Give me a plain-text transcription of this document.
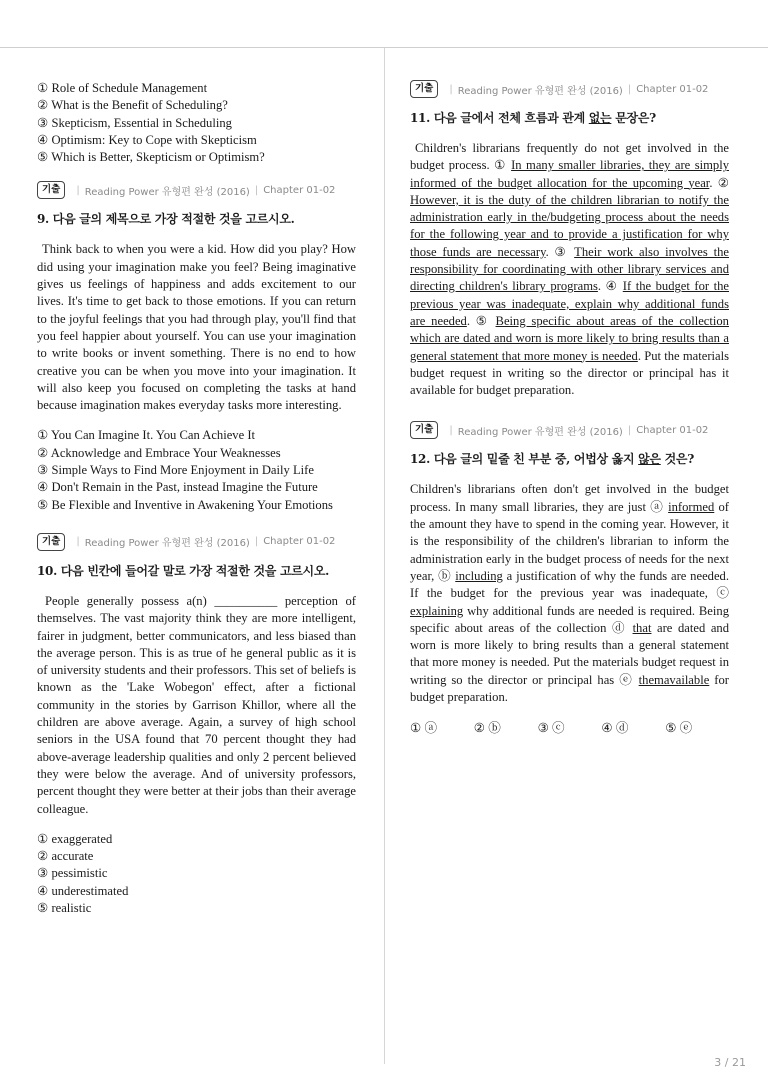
① Role of Schedule Management
② What is the Benefit of Scheduling?
③ Skepticism, Essential in Scheduling
④ Optimism: Key to Cope with Skepticism
⑤ Which is Better, Skepticism or Optimism?
기출	| Reading Power 유형편 완성 (2016) | Chapter 01-02
9. 다음 글의 제목으로 가장 적절한 것을 고르시오.
Think back to when you were a kid. How did you play? How did using your imagination make you feel? Being imaginative gives us feelings of happiness and adds excitement to our lives. It's time to get back to those emotions. If you can return to the joyful feelings that you had through play, you'll find that you feel happier about yourself. You can use your imagination to write books or invent something. There is no end to how creative you can be when you move into your imagination. It will also keep you focused on completing the tasks at hand because imagination makes everyday tasks more interesting.
① You Can Imagine It. You Can Achieve It
② Acknowledge and Embrace Your Weaknesses
③ Simple Ways to Find More Enjoyment in Daily Life
④ Don't Remain in the Past, instead Imagine the Future
⑤ Be Flexible and Inventive in Awakening Your Emotions
기출	| Reading Power 유형편 완성 (2016) | Chapter 01-02
10. 다음 빈칸에 들어갈 말로 가장 적절한 것을 고르시오.
People generally possess a(n) __________ perception of themselves. The vast majority think they are more intelligent, fairer in judgment, better communicators, and less biased than the average person. This is as true of he general public as it is of university students and their professors. This set of beliefs is known as the 'Lake Wobegon' effect, after a fictional community in the stories by Garrison Khillor, where all the children are above average. Again, a survey of high school seniors in the USA found that 70 percent thought they had above-average leadership qualities and only 2 percent believed they were below the average. And of university professors, percent thought they were better at their jobs than their average colleague.
① exaggerated
② accurate
③ pessimistic
④ underestimated
⑤ realistic
기출	| Reading Power 유형편 완성 (2016) | Chapter 01-02
11. 다음 글에서 전체 흐름과 관계 없는 문장은?
Children's librarians frequently do not get involved in the budget process. ① In many smaller libraries, they are simply informed of the budget allocation for the upcoming year. ② However, it is the duty of the children librarian to notify the administration early in the/budgeting process about the needs for the following year and to provide a justification for why those funds are necessary. ③ Their work also involves the responsibility for coordinating with other library services and directing children's library programs. ④ If the budget for the previous year was inadequate, explain why additional funds are needed. ⑤ Being specific about areas of the collection which are dated and worn is more likely to bring results than a general statement that more money is needed. Put the materials budget request in writing so the director or principal has it available for budget preparation.
기출	| Reading Power 유형편 완성 (2016) | Chapter 01-02
12. 다음 글의 밑줄 친 부분 중, 어법상 옳지 않은 것은?
Children's librarians often don't get involved in the budget process. In many small libraries, they are just ⓐ informed of the amount they have to spend in the coming year. However, it is the responsibility of the children's librarian to inform the administration early in the budget process of needs for the next year, ⓑ including a justification of why the funds are needed. If the budget for the previous year was inadequate, ⓒ explaining why additional funds are needed is required. Being specific about areas of the collection ⓓ that are dated and worn is more likely to bring results than a general statement that more money is needed. Put the materials budget request in writing so the director or principal has ⓔ themavailable for budget preparation.
① ⓐ	② ⓑ	③ ⓒ	④ ⓓ	⑤ ⓔ
3 / 21
